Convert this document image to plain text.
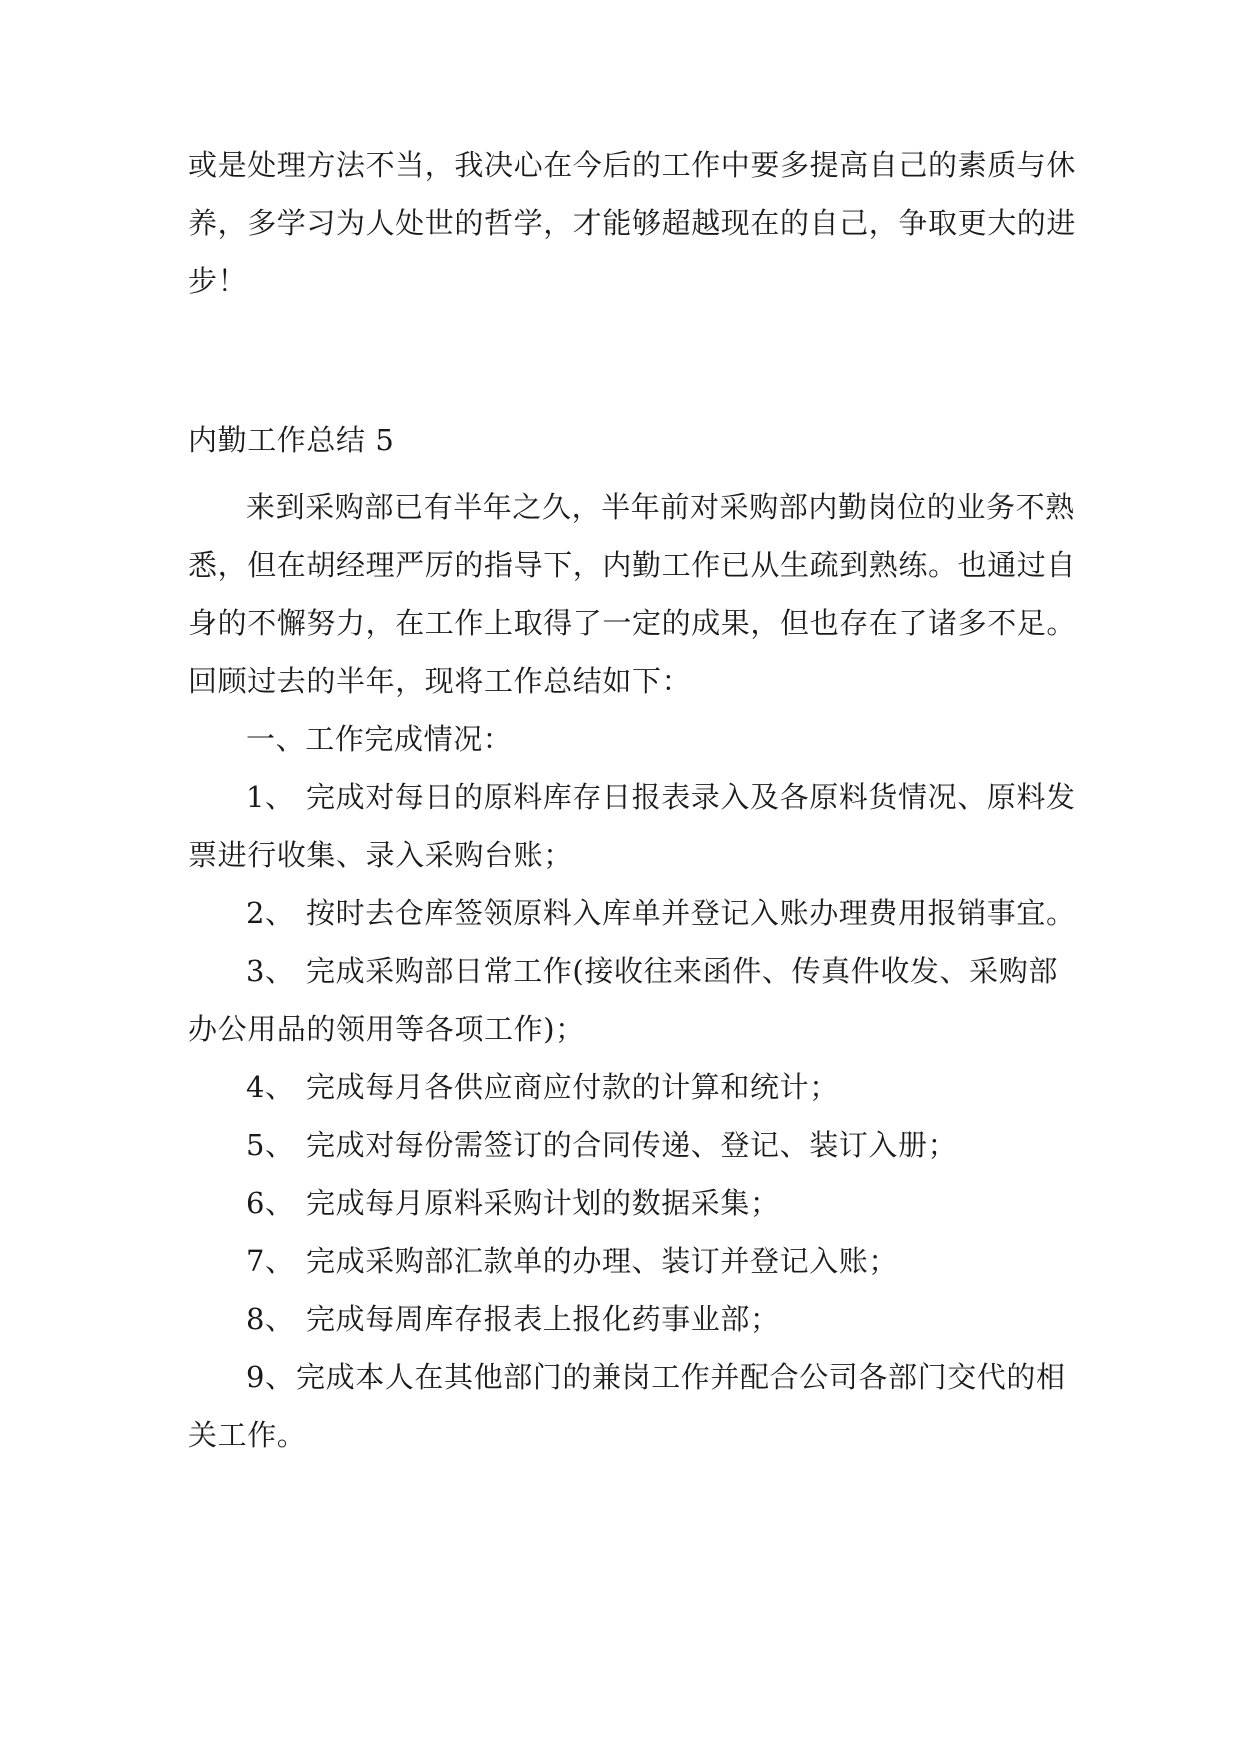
或是处理方法不当，我决心在今后的工作中要多提高自己的素质与休
养，多学习为人处世的哲学，才能够超越现在的自己，争取更大的进
步！
内勤工作总结 5
来到采购部已有半年之久，半年前对采购部内勤岗位的业务不熟
悉，但在胡经理严厉的指导下，内勤工作已从生疏到熟练。也通过自
身的不懈努力，在工作上取得了一定的成果，但也存在了诸多不足。
回顾过去的半年，现将工作总结如下：
一、工作完成情况：
1、 完成对每日的原料库存日报表录入及各原料货情况、原料发
票进行收集、录入采购台账；
2、 按时去仓库签领原料入库单并登记入账办理费用报销事宜。
3、 完成采购部日常工作(接收往来函件、传真件收发、采购部
办公用品的领用等各项工作)；
4、 完成每月各供应商应付款的计算和统计；
5、 完成对每份需签订的合同传递、登记、装订入册；
6、 完成每月原料采购计划的数据采集；
7、 完成采购部汇款单的办理、装订并登记入账；
8、 完成每周库存报表上报化药事业部；
9、完成本人在其他部门的兼岗工作并配合公司各部门交代的相
关工作。
